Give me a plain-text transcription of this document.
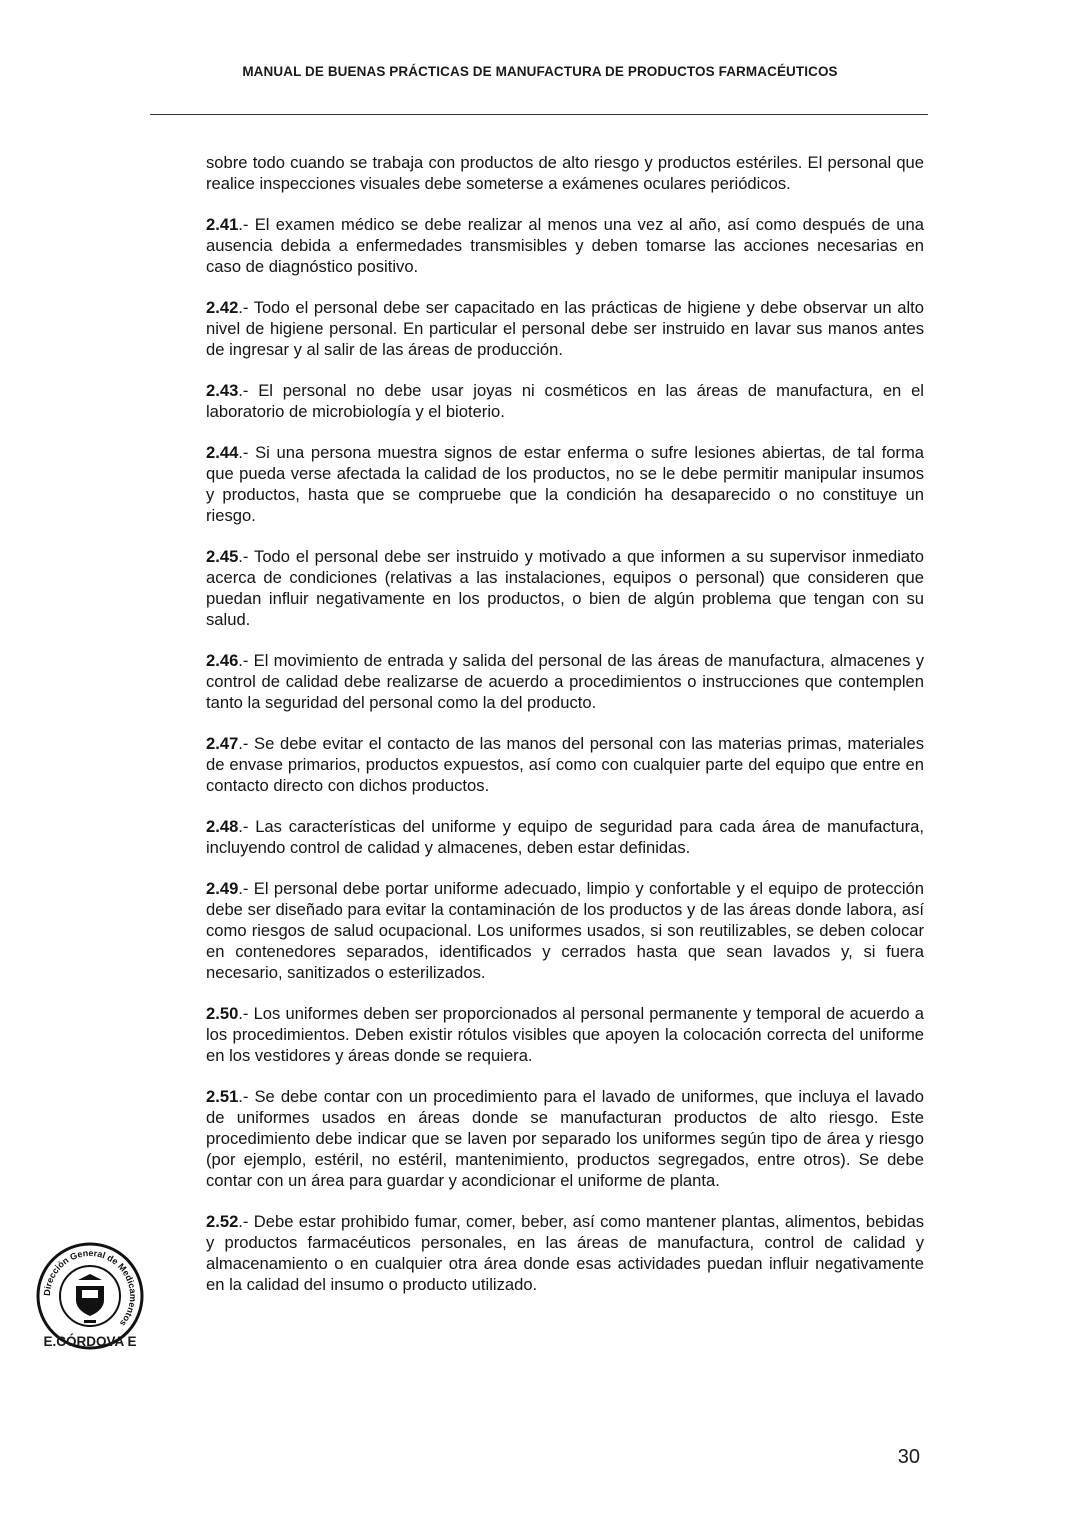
MANUAL DE BUENAS PRÁCTICAS DE MANUFACTURA DE PRODUCTOS FARMACÉUTICOS

sobre todo cuando se trabaja con productos de alto riesgo y productos estériles. El personal que realice inspecciones visuales debe someterse a exámenes oculares periódicos.

2.41.- El examen médico se debe realizar al menos una vez al año, así como después de una ausencia debida a enfermedades transmisibles y deben tomarse las acciones necesarias en caso de diagnóstico positivo.

2.42.- Todo el personal debe ser capacitado en las prácticas de higiene y debe observar un alto nivel de higiene personal. En particular el personal debe ser instruido en lavar sus manos antes de ingresar y al salir de las áreas de producción.

2.43.- El personal no debe usar joyas ni cosméticos en las áreas de manufactura, en el laboratorio de microbiología y el bioterio.

2.44.- Si una persona muestra signos de estar enferma o sufre lesiones abiertas, de tal forma que pueda verse afectada la calidad de los productos, no se le debe permitir manipular insumos y productos, hasta que se compruebe que la condición ha desaparecido o no constituye un riesgo.

2.45.- Todo el personal debe ser instruido y motivado a que informen a su supervisor inmediato acerca de condiciones (relativas a las instalaciones, equipos o personal) que consideren que puedan influir negativamente en los productos, o bien de algún problema que tengan con su salud.

2.46.- El movimiento de entrada y salida del personal de las áreas de manufactura, almacenes y control de calidad debe realizarse de acuerdo a procedimientos o instrucciones que contemplen tanto la seguridad del personal como la del producto.

2.47.- Se debe evitar el contacto de las manos del personal con las materias primas, materiales de envase primarios, productos expuestos, así como con cualquier parte del equipo que entre en contacto directo con dichos productos.

2.48.- Las características del uniforme y equipo de seguridad para cada área de manufactura, incluyendo control de calidad y almacenes, deben estar definidas.

2.49.- El personal debe portar uniforme adecuado, limpio y confortable y el equipo de protección debe ser diseñado para evitar la contaminación de los productos y de las áreas donde labora, así como riesgos de salud ocupacional. Los uniformes usados, si son reutilizables, se deben colocar en contenedores separados, identificados y cerrados hasta que sean lavados y, si fuera necesario, sanitizados o esterilizados.

2.50.- Los uniformes deben ser proporcionados al personal permanente y temporal de acuerdo a los procedimientos. Deben existir rótulos visibles que apoyen la colocación correcta del uniforme en los vestidores y áreas donde se requiera.

2.51.- Se debe contar con un procedimiento para el lavado de uniformes, que incluya el lavado de uniformes usados en áreas donde se manufacturan productos de alto riesgo. Este procedimiento debe indicar que se laven por separado los uniformes según tipo de área y riesgo (por ejemplo, estéril, no estéril, mantenimiento, productos segregados, entre otros). Se debe contar con un área para guardar y acondicionar el uniforme de planta.

2.52.- Debe estar prohibido fumar, comer, beber, así como mantener plantas, alimentos, bebidas y productos farmacéuticos personales, en las áreas de manufactura, control de calidad y almacenamiento o en cualquier otra área donde esas actividades puedan influir negativamente en la calidad del insumo o producto utilizado.

Dirección General de Medicamentos
E.CÓRDOVA E
30
